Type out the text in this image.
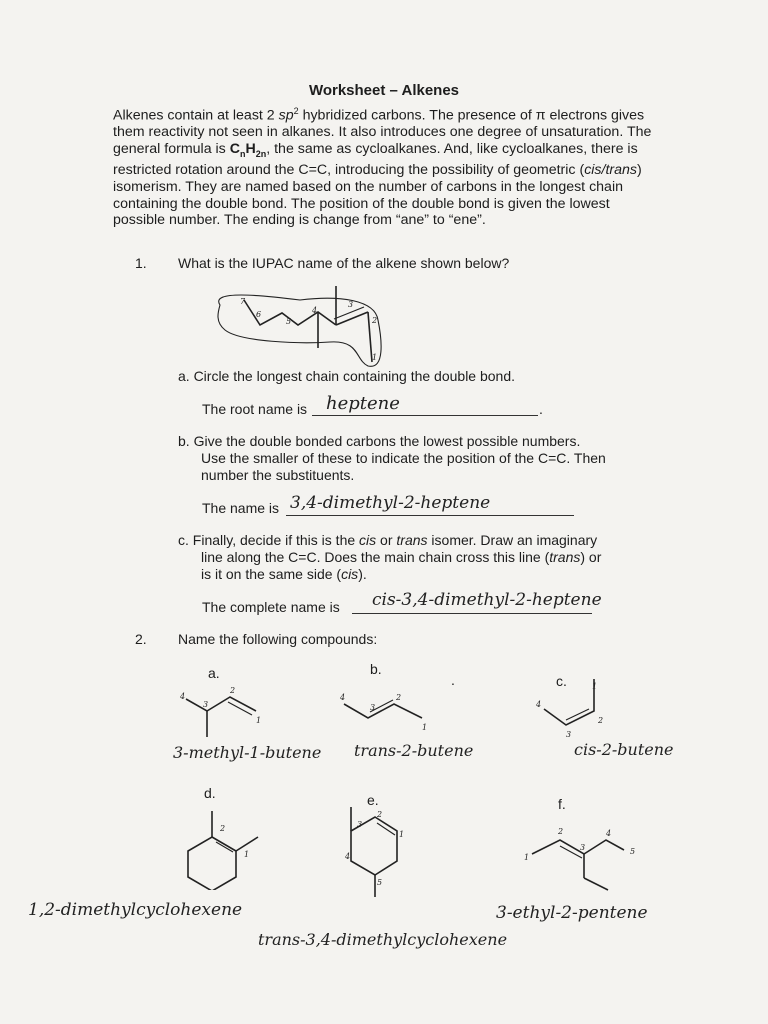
Worksheet – Alkenes
Alkenes contain at least 2 $sp^2$ hybridized carbons. The presence of π electrons gives them reactivity not seen in alkanes. It also introduces one degree of unsaturation. The general formula is $C_nH_{2n}$, the same as cycloalkanes. And, like cycloalkanes, there is restricted rotation around the C=C, introducing the possibility of geometric (cis/trans) isomerism. They are named based on the number of carbons in the longest chain containing the double bond. The position of the double bond is given the lowest possible number. The ending is change from “ane” to “ene”.
1. What is the IUPAC name of the alkene shown below?
7
6
5
4
3
2
1
a. Circle the longest chain containing the double bond.
The root name is	.
heptene
b. Give the double bonded carbons the lowest possible numbers.
Use the smaller of these to indicate the position of the C=C. Then
number the substituents.
The name is 3,4-dimethyl-2-heptene
c. Finally, decide if this is the cis or trans isomer. Draw an imaginary
line along the C=C. Does the main chain cross this line (trans) or
is it on the same side (cis).
The complete name is cis-3,4-dimethyl-2-heptene
2. Name the following compounds:
a.	b.
.	c.
d.	e.	f.
4
3
2
1
4
3
2
1
1
2
3
4
3-methyl-1-butene trans-2-butene	cis-2-butene
2
1
3
2
1
4
5
1
2
3
4
5
1,2-dimethylcyclohexene	3-ethyl-2-pentene
trans-3,4-dimethylcyclohexene
